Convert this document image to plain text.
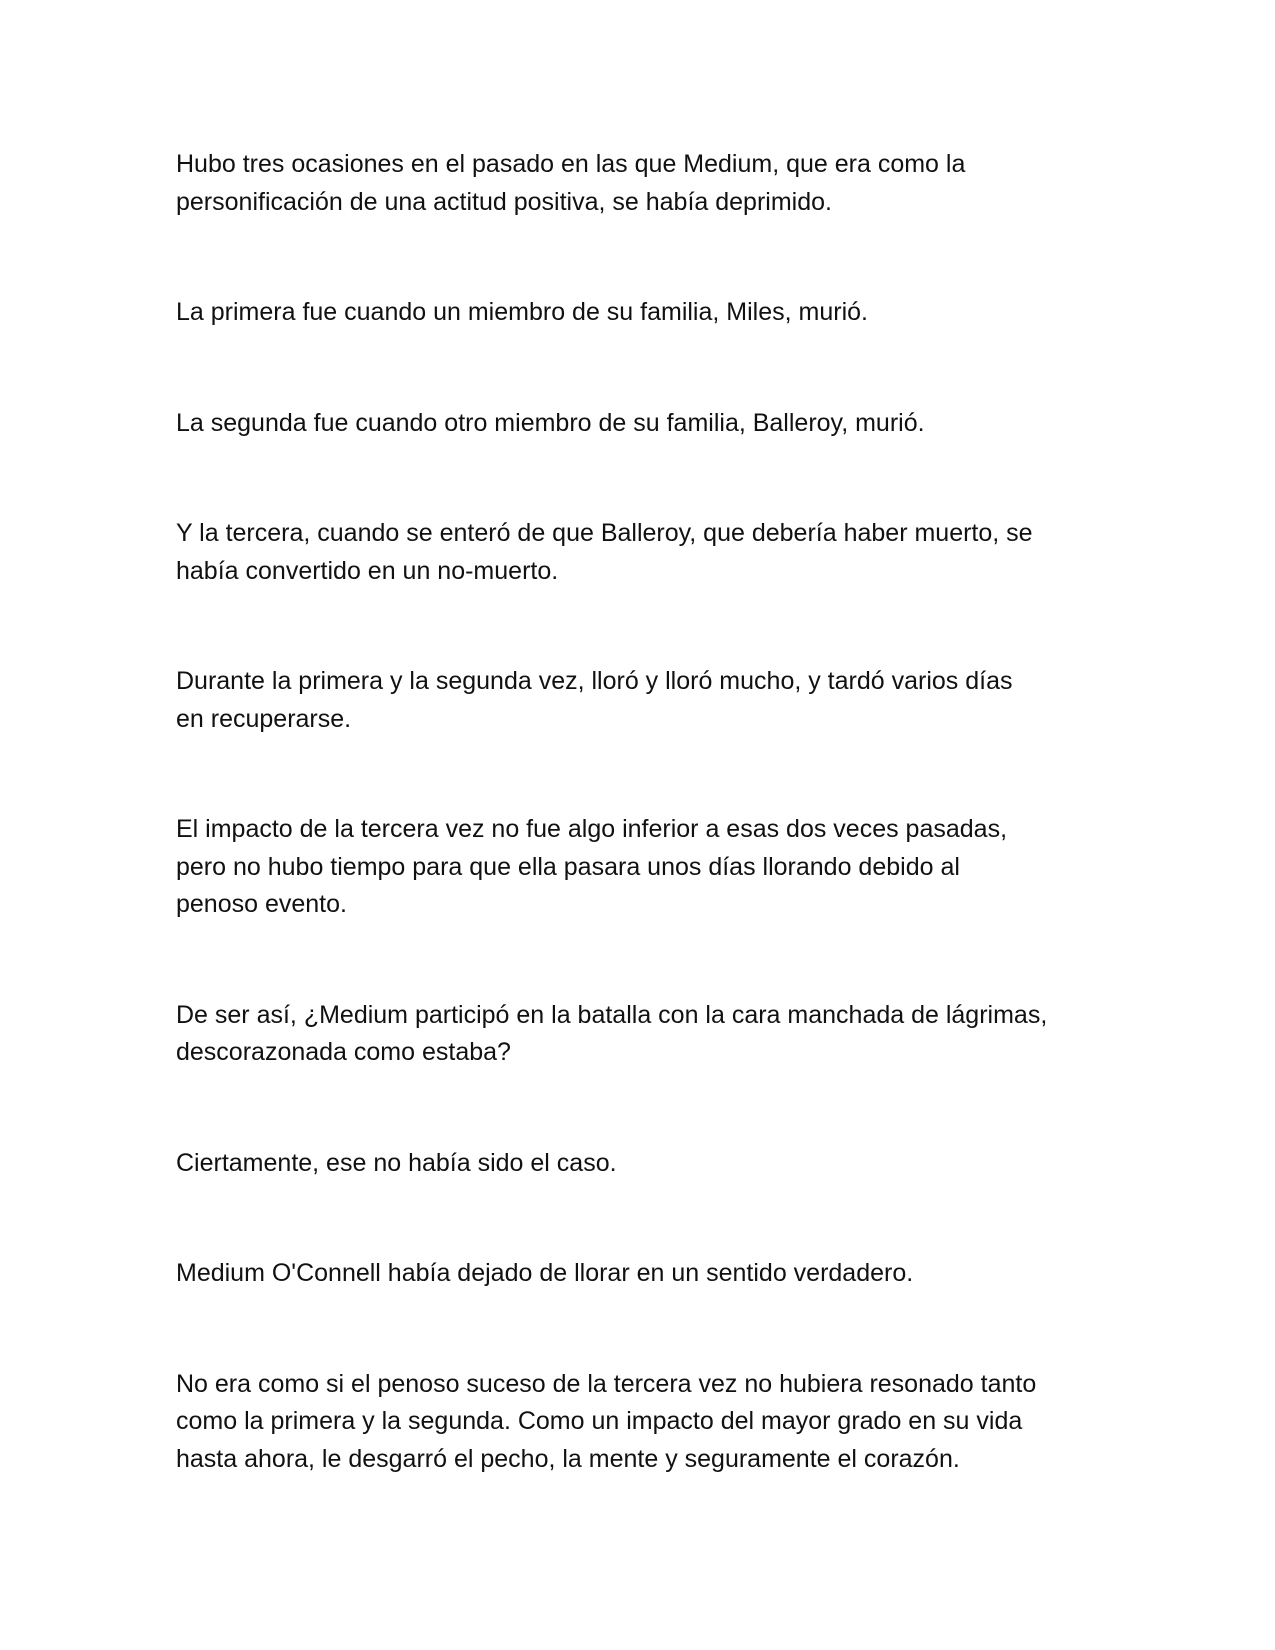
Hubo tres ocasiones en el pasado en las que Medium, que era como la
personificación de una actitud positiva, se había deprimido.

La primera fue cuando un miembro de su familia, Miles, murió.

La segunda fue cuando otro miembro de su familia, Balleroy, murió.

Y la tercera, cuando se enteró de que Balleroy, que debería haber muerto, se
había convertido en un no-muerto.

Durante la primera y la segunda vez, lloró y lloró mucho, y tardó varios días
en recuperarse.

El impacto de la tercera vez no fue algo inferior a esas dos veces pasadas,
pero no hubo tiempo para que ella pasara unos días llorando debido al
penoso evento.

De ser así, ¿Medium participó en la batalla con la cara manchada de lágrimas,
descorazonada como estaba?

Ciertamente, ese no había sido el caso.

Medium O'Connell había dejado de llorar en un sentido verdadero.

No era como si el penoso suceso de la tercera vez no hubiera resonado tanto
como la primera y la segunda. Como un impacto del mayor grado en su vida
hasta ahora, le desgarró el pecho, la mente y seguramente el corazón.
